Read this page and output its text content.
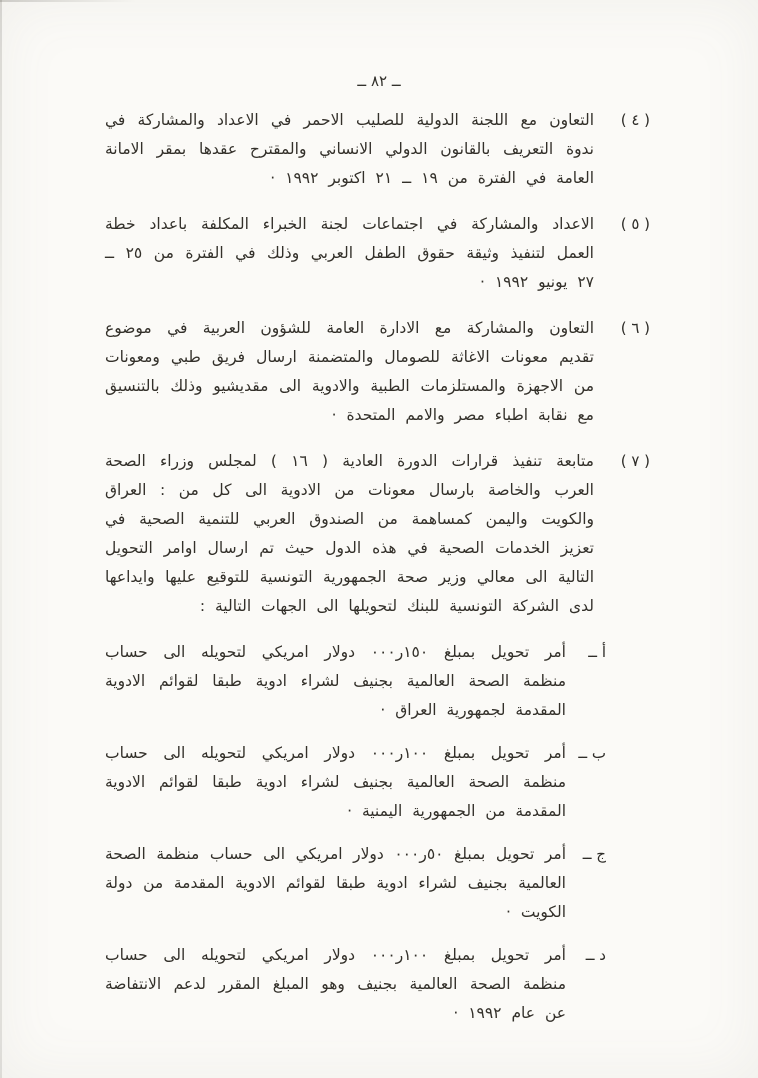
ــ ٨٢ ــ
( ٤ )
التعاون مع اللجنة الدولية للصليب الاحمر في الاعداد والمشاركة في ندوة التعريف بالقانون الدولي الانساني والمقترح عقدها بمقر الامانة العامة في الفترة من ١٩ ــ ٢١ اكتوبر ١٩٩٢ ·
( ٥ )
الاعداد والمشاركة في اجتماعات لجنة الخبراء المكلفة باعداد خطة العمل لتنفيذ وثيقة حقوق الطفل العربي وذلك في الفترة من ٢٥ ــ ٢٧ يونيو ١٩٩٢ ·
( ٦ )
التعاون والمشاركة مع الادارة العامة للشؤون العربية في موضوع تقديم معونات الاغاثة للصومال والمتضمنة ارسال فريق طبي ومعونات من الاجهزة والمستلزمات الطبية والادوية الى مقديشيو وذلك بالتنسيق مع نقابة اطباء مصر والامم المتحدة ·
( ٧ )
متابعة تنفيذ قرارات الدورة العادية ( ١٦ ) لمجلس وزراء الصحة العرب والخاصة بارسال معونات من الادوية الى كل من : العراق والكويت واليمن كمساهمة من الصندوق العربي للتنمية الصحية في تعزيز الخدمات الصحية في هذه الدول حيث تم ارسال اوامر التحويل التالية الى معالي وزير صحة الجمهورية التونسية للتوقيع عليها وايداعها لدى الشركة التونسية للبنك لتحويلها الى الجهات التالية :
أ ــ
أمر تحويل بمبلغ ١٥٠ر٠٠٠ دولار امريكي لتحويله الى حساب منظمة الصحة العالمية بجنيف لشراء ادوية طبقا لقوائم الادوية المقدمة لجمهورية العراق ·
ب ــ
أمر تحويل بمبلغ ١٠٠ر٠٠٠ دولار امريكي لتحويله الى حساب منظمة الصحة العالمية بجنيف لشراء ادوية طبقا لقوائم الادوية المقدمة من الجمهورية اليمنية ·
ج ــ
أمر تحويل بمبلغ ٥٠ر٠٠٠ دولار امريكي الى حساب منظمة الصحة العالمية بجنيف لشراء ادوية طبقا لقوائم الادوية المقدمة من دولة الكويت ·
د ــ
أمر تحويل بمبلغ ١٠٠ر٠٠٠ دولار امريكي لتحويله الى حساب منظمة الصحة العالمية بجنيف وهو المبلغ المقرر لدعم الانتفاضة عن عام ١٩٩٢ ·
